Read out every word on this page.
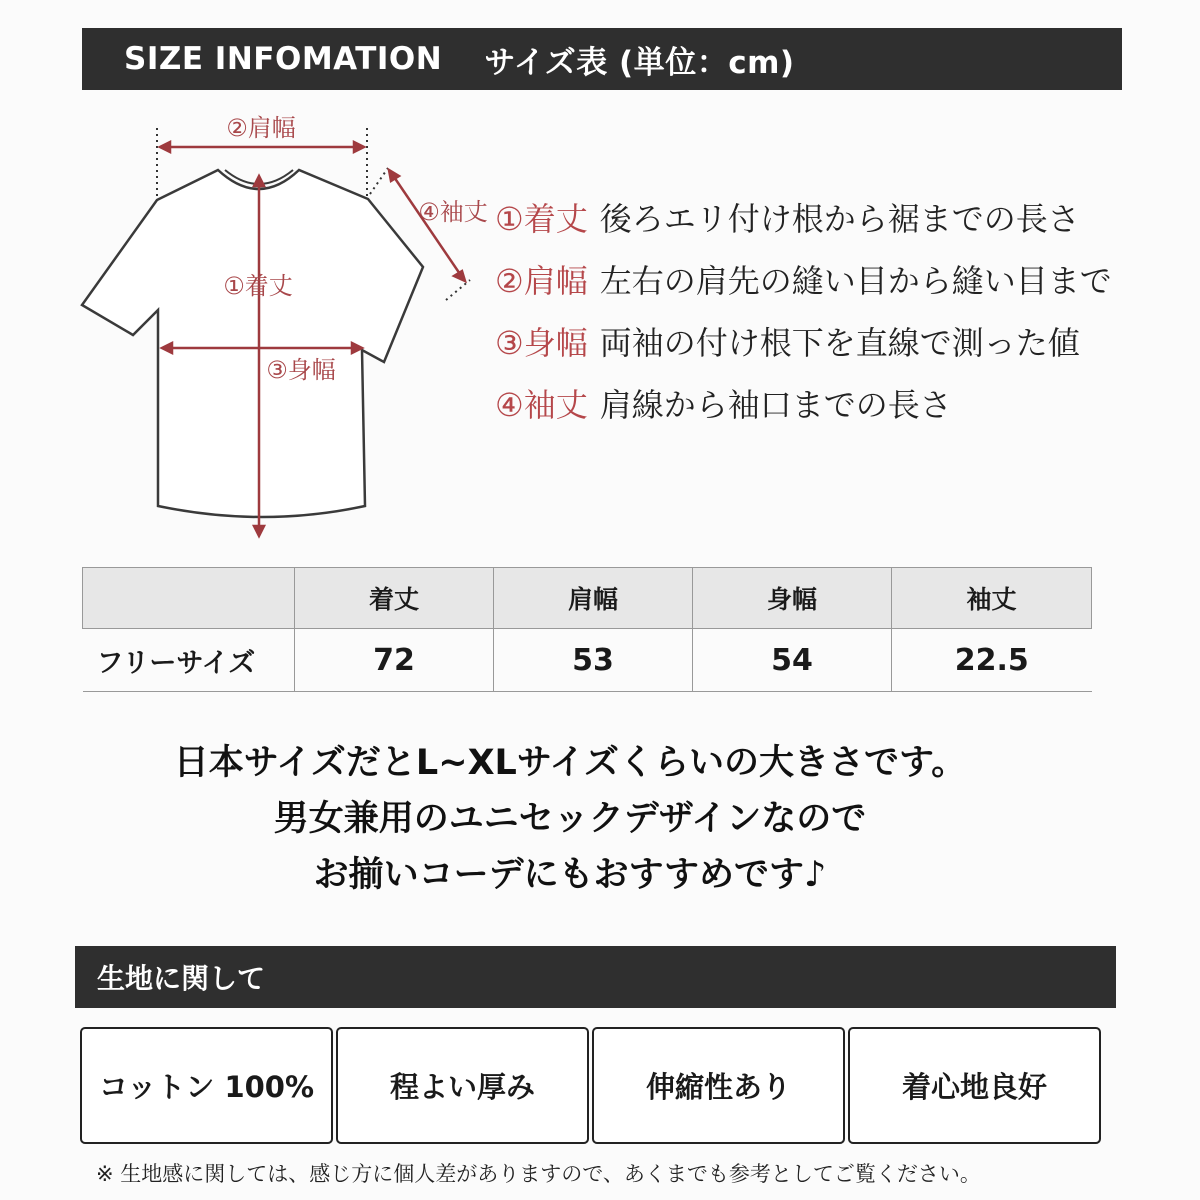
SIZE INFOMATION サイズ表 (単位：cm)
②肩幅
①着丈
③身幅
④袖丈 ①着丈 後ろエリ付け根から裾までの長さ
②肩幅 左右の肩先の縫い目から縫い目まで
③身幅 両袖の付け根下を直線で測った値
④袖丈 肩線から袖口までの長さ
	着丈	肩幅	身幅	袖丈
フリーサイズ	72	53	54	22.5
日本サイズだとL~XLサイズくらいの大きさです。
男女兼用のユニセックデザインなので
お揃いコーデにもおすすめです♪
生地に関して
コットン 100%	程よい厚み	伸縮性あり	着心地良好
※ 生地感に関しては、感じ方に個人差がありますので、あくまでも参考としてご覧ください。
